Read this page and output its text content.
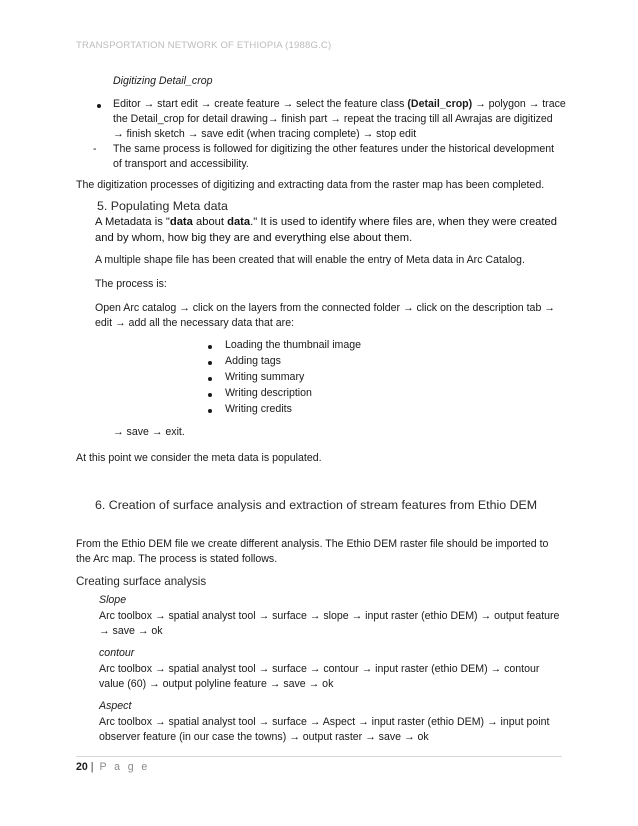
TRANSPORTATION NETWORK OF ETHIOPIA (1988G.C)
Digitizing Detail_crop
Editor → start edit → create feature → select the feature class (Detail_crop) → polygon → trace
the Detail_crop for detail drawing→ finish part → repeat the tracing till all Awrajas are digitized
→ finish sketch → save edit (when tracing complete) → stop edit
- The same process is followed for digitizing the other features under the historical development
of transport and accessibility.
The digitization processes of digitizing and extracting data from the raster map has been completed.
5. Populating Meta data
A Metadata is "data about data." It is used to identify where files are, when they were created
and by whom, how big they are and everything else about them.
A multiple shape file has been created that will enable the entry of Meta data in Arc Catalog.
The process is:
Open Arc catalog → click on the layers from the connected folder → click on the description tab →
edit → add all the necessary data that are:
Loading the thumbnail image
Adding tags
Writing summary
Writing description
Writing credits
→ save → exit.
At this point we consider the meta data is populated.
6. Creation of surface analysis and extraction of stream features from Ethio DEM
From the Ethio DEM file we create different analysis. The Ethio DEM raster file should be imported to
the Arc map. The process is stated follows.
Creating surface analysis
Slope
Arc toolbox → spatial analyst tool → surface → slope → input raster (ethio DEM) → output feature
→ save → ok
contour
Arc toolbox → spatial analyst tool → surface → contour → input raster (ethio DEM) → contour
value (60) → output polyline feature → save → ok
Aspect
Arc toolbox → spatial analyst tool → surface → Aspect → input raster (ethio DEM) → input point
observer feature (in our case the towns) → output raster → save → ok
20 | P a g e
